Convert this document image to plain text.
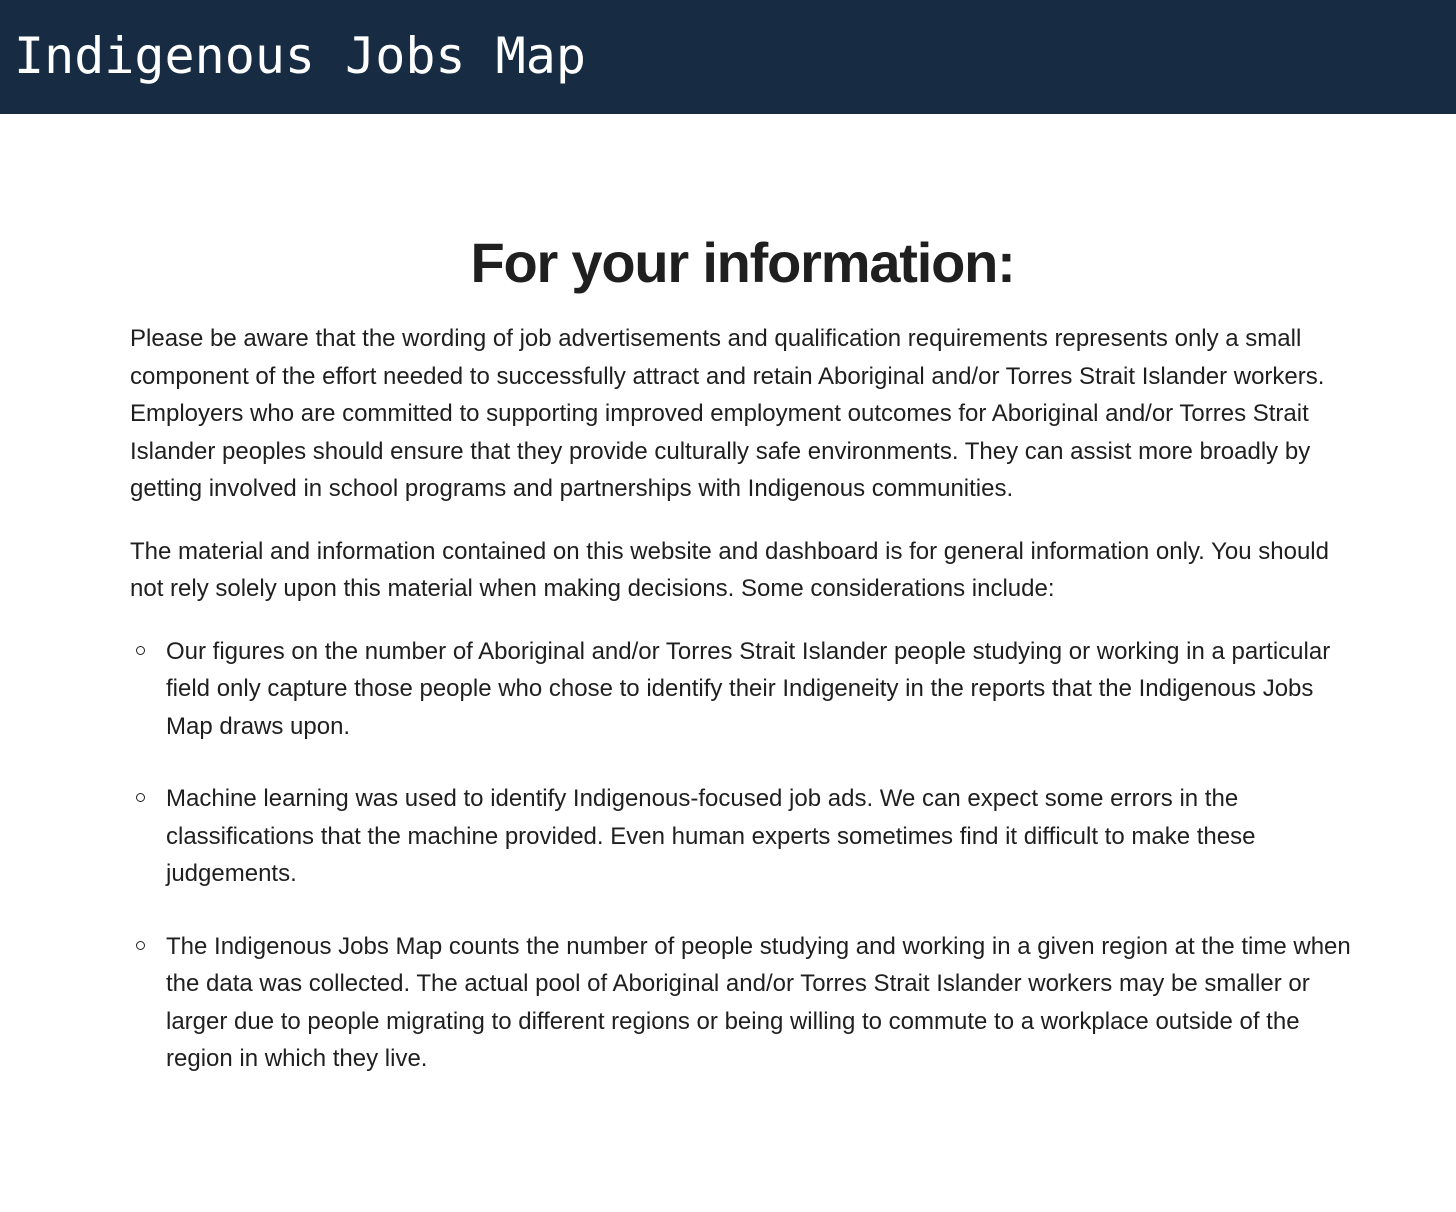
Indigenous Jobs Map
For your information:

Please be aware that the wording of job advertisements and qualification requirements represents only a small component of the effort needed to successfully attract and retain Aboriginal and/or Torres Strait Islander workers. Employers who are committed to supporting improved employment outcomes for Aboriginal and/or Torres Strait Islander peoples should ensure that they provide culturally safe environments. They can assist more broadly by getting involved in school programs and partnerships with Indigenous communities.

The material and information contained on this website and dashboard is for general information only. You should not rely solely upon this material when making decisions. Some considerations include:

Our figures on the number of Aboriginal and/or Torres Strait Islander people studying or working in a particular field only capture those people who chose to identify their Indigeneity in the reports that the Indigenous Jobs Map draws upon.
Machine learning was used to identify Indigenous-focused job ads. We can expect some errors in the classifications that the machine provided. Even human experts sometimes find it difficult to make these judgements.
The Indigenous Jobs Map counts the number of people studying and working in a given region at the time when the data was collected. The actual pool of Aboriginal and/or Torres Strait Islander workers may be smaller or larger due to people migrating to different regions or being willing to commute to a workplace outside of the region in which they live.
